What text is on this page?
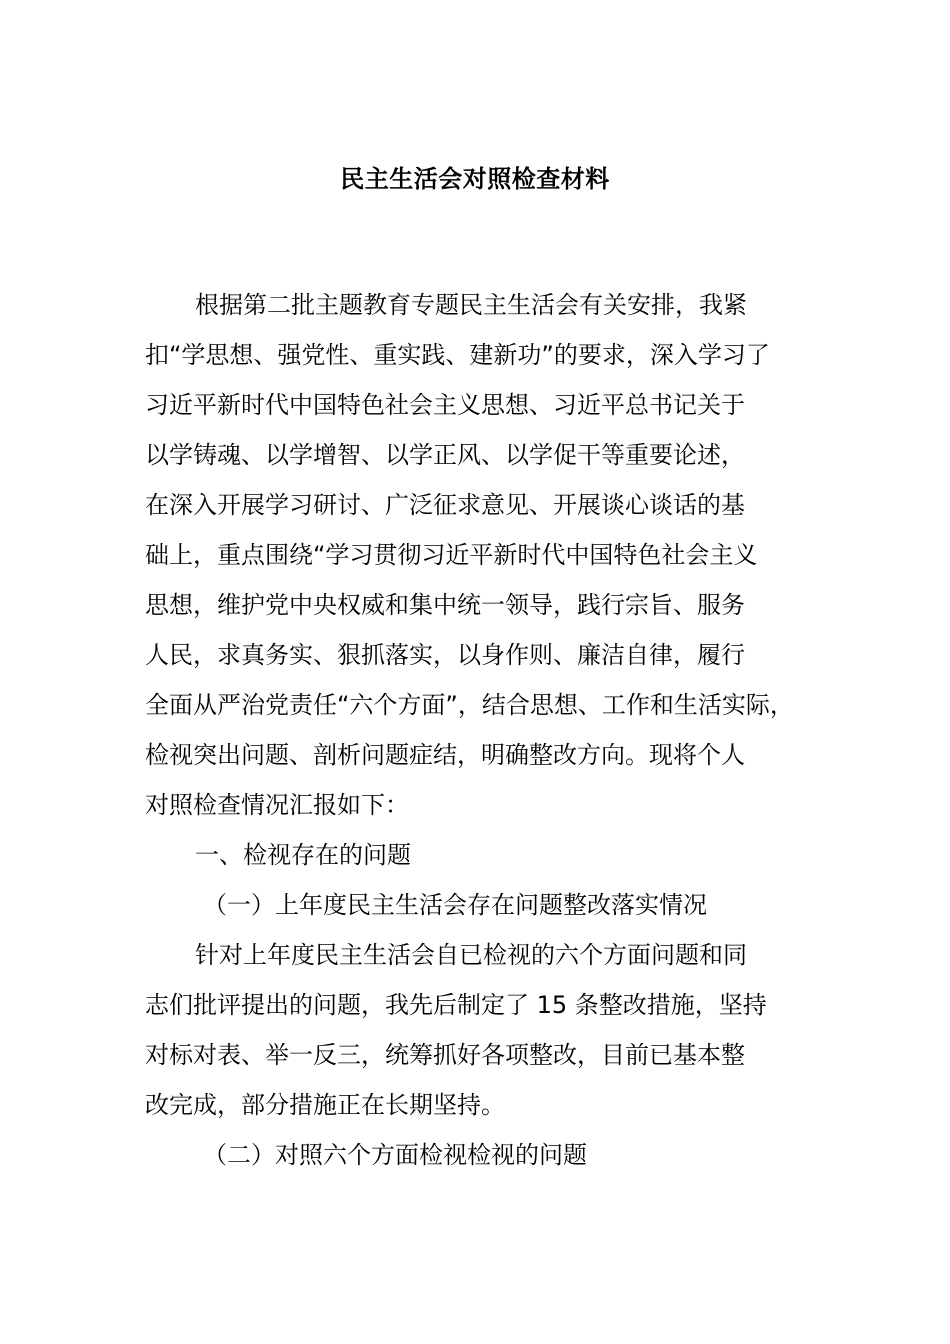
民主生活会对照检查材料
根据第二批主题教育专题民主生活会有关安排，我紧
扣“学思想、强党性、重实践、建新功”的要求，深入学习了
习近平新时代中国特色社会主义思想、习近平总书记关于
以学铸魂、以学增智、以学正风、以学促干等重要论述，
在深入开展学习研讨、广泛征求意见、开展谈心谈话的基
础上，重点围绕“学习贯彻习近平新时代中国特色社会主义
思想，维护党中央权威和集中统一领导，践行宗旨、服务
人民，求真务实、狠抓落实，以身作则、廉洁自律，履行
全面从严治党责任“六个方面”，结合思想、工作和生活实际，
检视突出问题、剖析问题症结，明确整改方向。现将个人
对照检查情况汇报如下：
一、检视存在的问题
（一）上年度民主生活会存在问题整改落实情况
针对上年度民主生活会自已检视的六个方面问题和同
志们批评提出的问题，我先后制定了 15 条整改措施，坚持
对标对表、举一反三，统筹抓好各项整改，目前已基本整
改完成，部分措施正在长期坚持。
（二）对照六个方面检视检视的问题
